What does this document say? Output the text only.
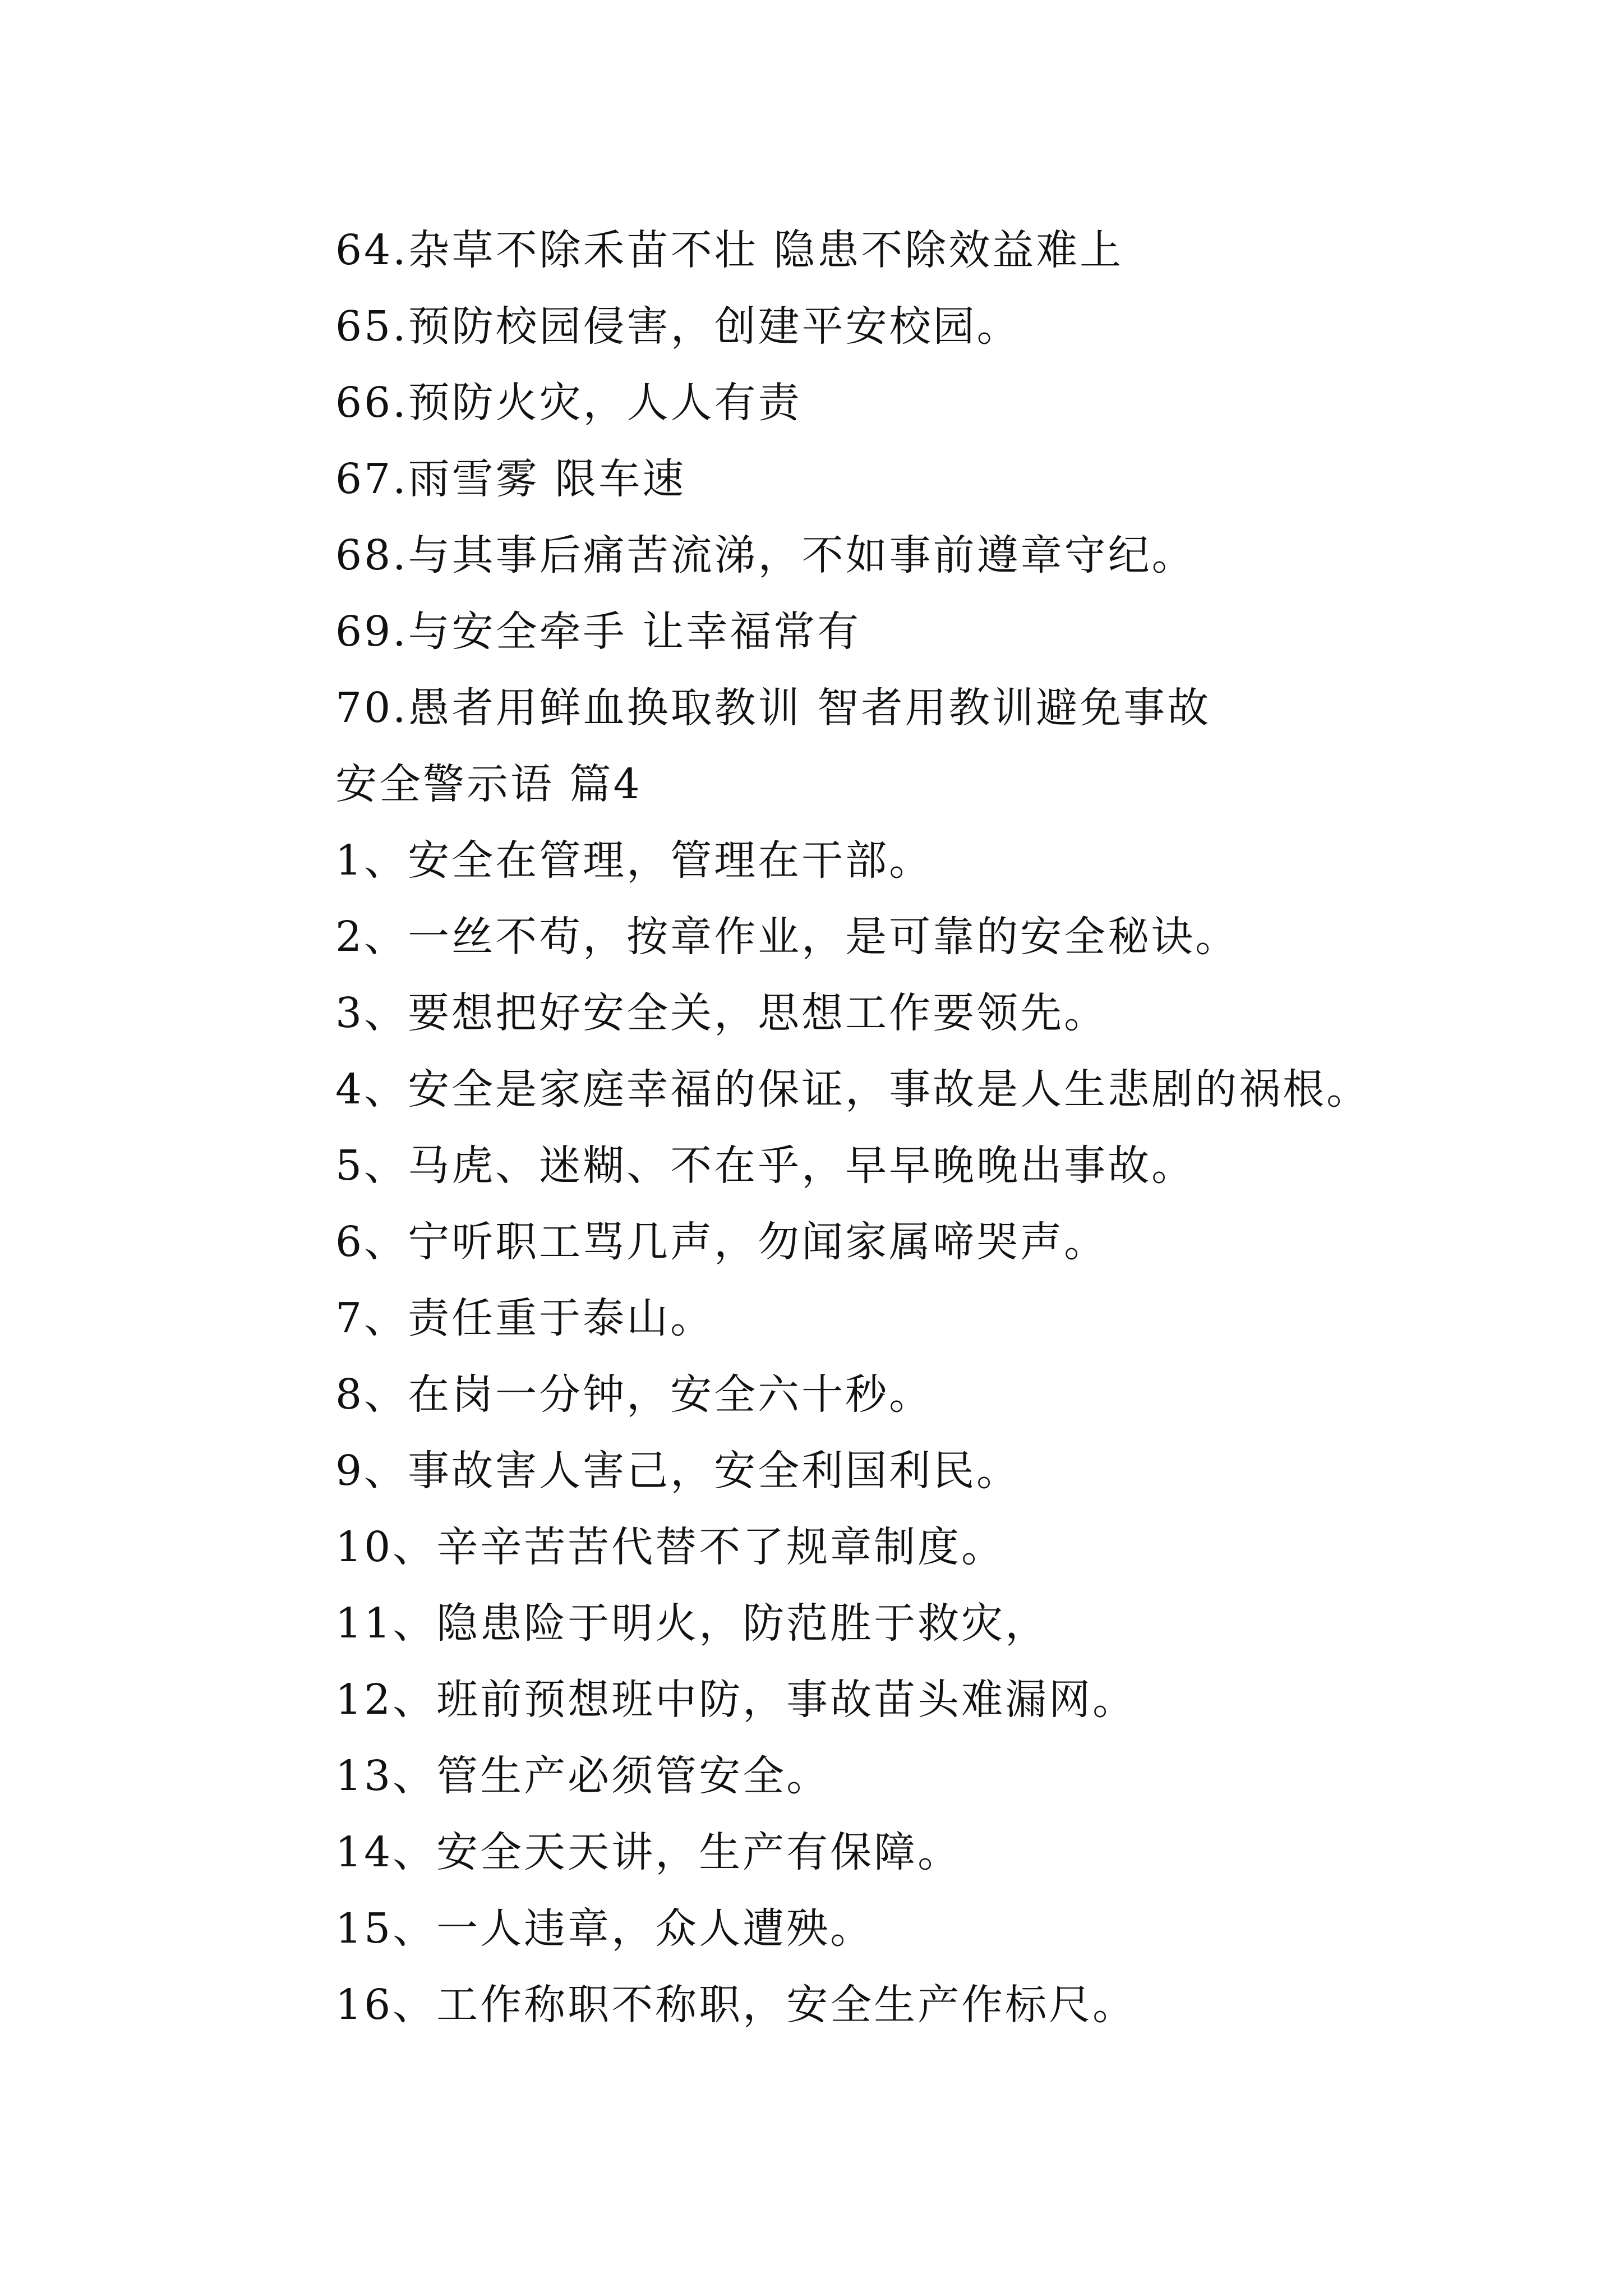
64.杂草不除禾苗不壮 隐患不除效益难上
65.预防校园侵害，创建平安校园。
66.预防火灾，人人有责
67.雨雪雾 限车速
68.与其事后痛苦流涕，不如事前遵章守纪。
69.与安全牵手 让幸福常有
70.愚者用鲜血换取教训 智者用教训避免事故
安全警示语 篇4
1、安全在管理，管理在干部。
2、一丝不苟，按章作业，是可靠的安全秘诀。
3、要想把好安全关，思想工作要领先。
4、安全是家庭幸福的保证，事故是人生悲剧的祸根。
5、马虎、迷糊、不在乎，早早晚晚出事故。
6、宁听职工骂几声，勿闻家属啼哭声。
7、责任重于泰山。
8、在岗一分钟，安全六十秒。
9、事故害人害己，安全利国利民。
10、辛辛苦苦代替不了规章制度。
11、隐患险于明火，防范胜于救灾，
12、班前预想班中防，事故苗头难漏网。
13、管生产必须管安全。
14、安全天天讲，生产有保障。
15、一人违章，众人遭殃。
16、工作称职不称职，安全生产作标尺。
